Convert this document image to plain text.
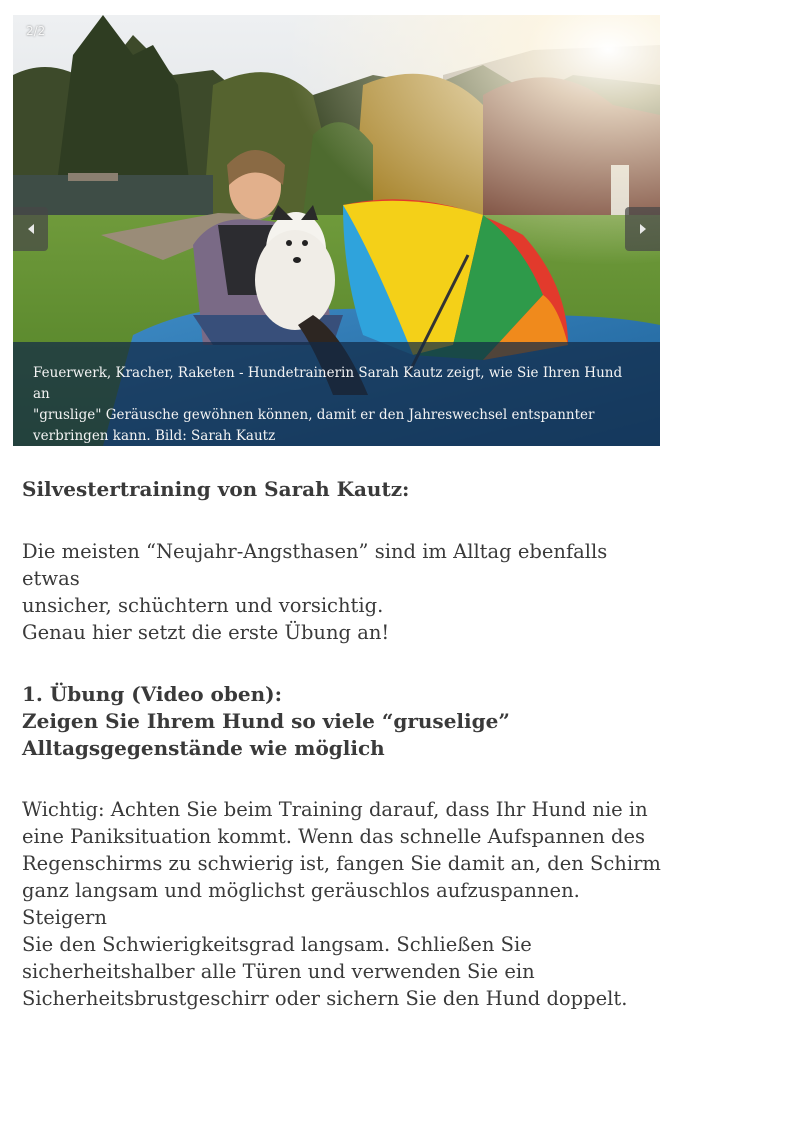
2/2
Feuerwerk, Kracher, Raketen - Hundetrainerin Sarah Kautz zeigt, wie Sie Ihren Hund an
"gruslige" Geräusche gewöhnen können, damit er den Jahreswechsel entspannter
verbringen kann. Bild: Sarah Kautz
Silvestertraining von Sarah Kautz:

Die meisten “Neujahr-Angsthasen” sind im Alltag ebenfalls etwas
unsicher, schüchtern und vorsichtig.
Genau hier setzt die erste Übung an!

1. Übung (Video oben):
Zeigen Sie Ihrem Hund so viele “gruselige”
Alltagsgegenstände wie möglich

Wichtig: Achten Sie beim Training darauf, dass Ihr Hund nie in
eine Paniksituation kommt. Wenn das schnelle Aufspannen des
Regenschirms zu schwierig ist, fangen Sie damit an, den Schirm
ganz langsam und möglichst geräuschlos aufzuspannen. Steigern
Sie den Schwierigkeitsgrad langsam. Schließen Sie
sicherheitshalber alle Türen und verwenden Sie ein
Sicherheitsbrustgeschirr oder sichern Sie den Hund doppelt.
